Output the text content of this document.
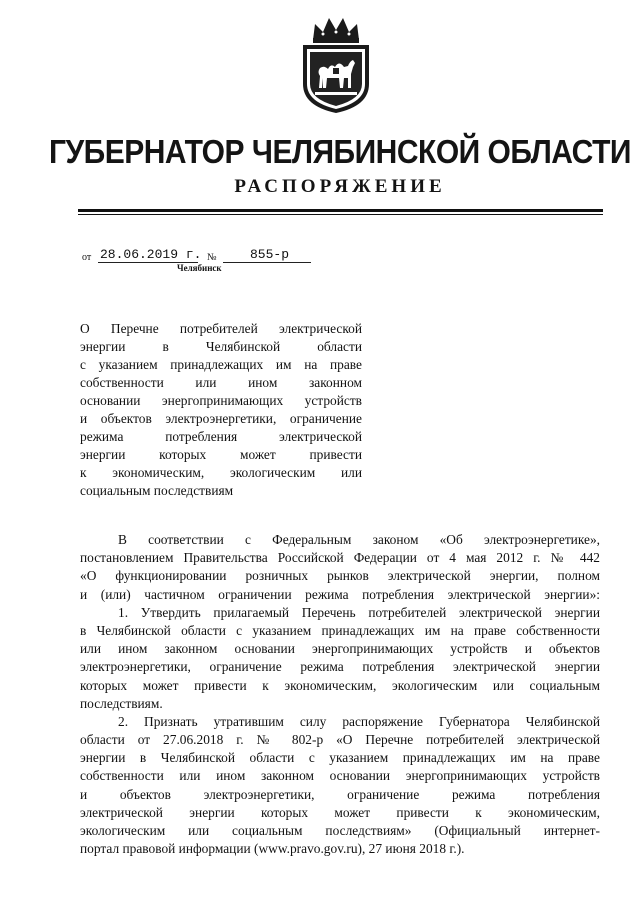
ГУБЕРНАТОР ЧЕЛЯБИНСКОЙ ОБЛАСТИ
РАСПОРЯЖЕНИЕ
от 28.06.2019 г. №	855-р
Челябинск
О Перечне потребителей электрической
энергии в Челябинской области
с указанием принадлежащих им на праве
собственности или ином законном
основании энергопринимающих устройств
и объектов электроэнергетики, ограничение
режима потребления электрической
энергии которых может привести
к экономическим, экологическим или
социальным последствиям
В соответствии с Федеральным законом «Об электроэнергетике»,
постановлением Правительства Российской Федерации от 4 мая 2012 г. № 442
«О функционировании розничных рынков электрической энергии, полном
и (или) частичном ограничении режима потребления электрической энергии»:
1. Утвердить прилагаемый Перечень потребителей электрической энергии
в Челябинской области с указанием принадлежащих им на праве собственности
или ином законном основании энергопринимающих устройств и объектов
электроэнергетики, ограничение режима потребления электрической энергии
которых может привести к экономическим, экологическим или социальным
последствиям.
2. Признать утратившим силу распоряжение Губернатора Челябинской
области от 27.06.2018 г. № 802-р «О Перечне потребителей электрической
энергии в Челябинской области с указанием принадлежащих им на праве
собственности или ином законном основании энергопринимающих устройств
и объектов электроэнергетики, ограничение режима потребления
электрической энергии которых может привести к экономическим,
экологическим или социальным последствиям» (Официальный интернет-
портал правовой информации (www.pravo.gov.ru), 27 июня 2018 г.).
